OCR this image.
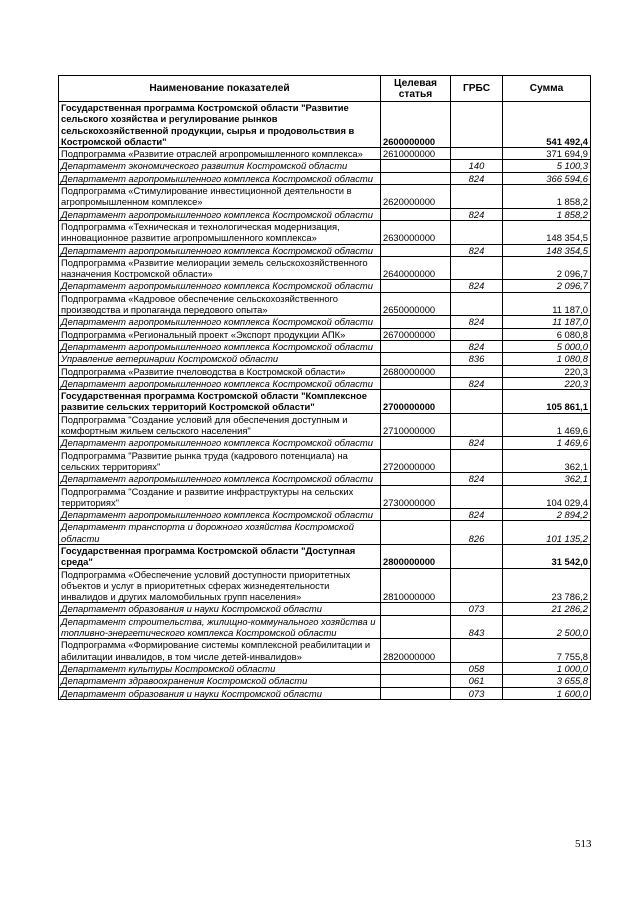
Наименование показателей	Целевая статья	ГРБС	Сумма
Государственная программа Костромской области "Развитие сельского хозяйства и регулирование рынков сельскохозяйственной продукции, сырья и продовольствия в Костромской области"	2600000000		541 492,4
Подпрограмма «Развитие отраслей агропромышленного комплекса»	2610000000		371 694,9
Департамент экономического развития Костромской области		140	5 100,3
Департамент агропромышленного комплекса Костромской области		824	366 594,6
Подпрограмма «Стимулирование инвестиционной деятельности в агропромышленном комплексе»	2620000000		1 858,2
Департамент агропромышленного комплекса Костромской области		824	1 858,2
Подпрограмма «Техническая и технологическая модернизация, инновационное развитие агропромышленного комплекса»	2630000000		148 354,5
Департамент агропромышленного комплекса Костромской области		824	148 354,5
Подпрограмма «Развитие мелиорации земель сельскохозяйственного назначения Костромской области»	2640000000		2 096,7
Департамент агропромышленного комплекса Костромской области		824	2 096,7
Подпрограмма «Кадровое обеспечение сельскохозяйственного производства и пропаганда передового опыта»	2650000000		11 187,0
Департамент агропромышленного комплекса Костромской области		824	11 187,0
Подпрограмма «Региональный проект «Экспорт продукции АПК»	2670000000		6 080,8
Департамент агропромышленного комплекса Костромской области		824	5 000,0
Управление ветеринарии Костромской области		836	1 080,8
Подпрограмма «Развитие пчеловодства в Костромской области»	2680000000		220,3
Департамент агропромышленного комплекса Костромской области		824	220,3
Государственная программа Костромской области "Комплексное развитие сельских территорий Костромской области"	2700000000		105 861,1
Подпрограмма "Создание условий для обеспечения доступным и комфортным жильем сельского населения"	2710000000		1 469,6
Департамент агропромышленного комплекса Костромской области		824	1 469,6
Подпрограмма "Развитие рынка труда (кадрового потенциала) на сельских территориях"	2720000000		362,1
Департамент агропромышленного комплекса Костромской области		824	362,1
Подпрограмма "Создание и развитие инфраструктуры на сельских территориях"	2730000000		104 029,4
Департамент агропромышленного комплекса Костромской области		824	2 894,2
Департамент транспорта и дорожного хозяйства Костромской области		826	101 135,2
Государственная программа Костромской области "Доступная среда"	2800000000		31 542,0
Подпрограмма «Обеспечение условий доступности приоритетных объектов и услуг в приоритетных сферах жизнедеятельности инвалидов и других маломобильных групп населения»	2810000000		23 786,2
Департамент образования и науки Костромской области		073	21 286,2
Департамент строительства, жилищно-коммунального хозяйства и топливно-энергетического комплекса Костромской области		843	2 500,0
Подпрограмма «Формирование системы комплексной реабилитации и абилитации инвалидов, в том числе детей-инвалидов»	2820000000		7 755,8
Департамент культуры Костромской области		058	1 000,0
Департамент здравоохранения Костромской области		061	3 655,8
Департамент образования и науки Костромской области		073	1 600,0
513
